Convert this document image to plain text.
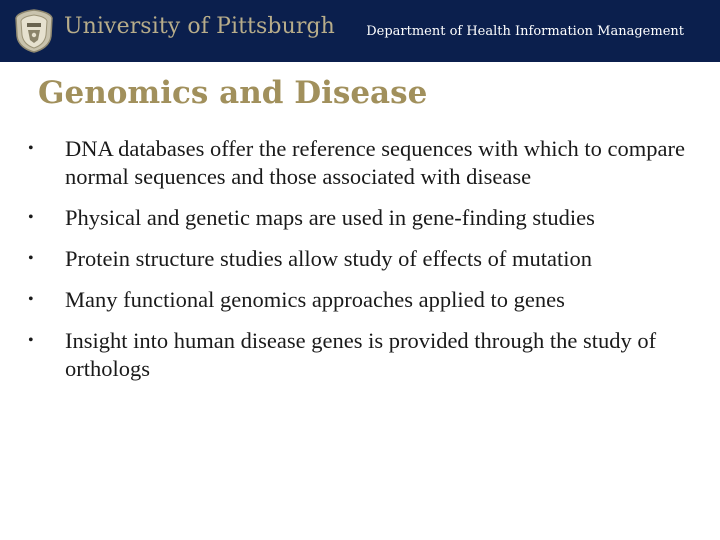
University of Pittsburgh Department of Health Information Management
Genomics and Disease
• DNA databases offer the reference sequences with which to compare normal sequences and those associated with disease
• Physical and genetic maps are used in gene-finding studies
• Protein structure studies allow study of effects of mutation
• Many functional genomics approaches applied to genes
• Insight into human disease genes is provided through the study of orthologs
